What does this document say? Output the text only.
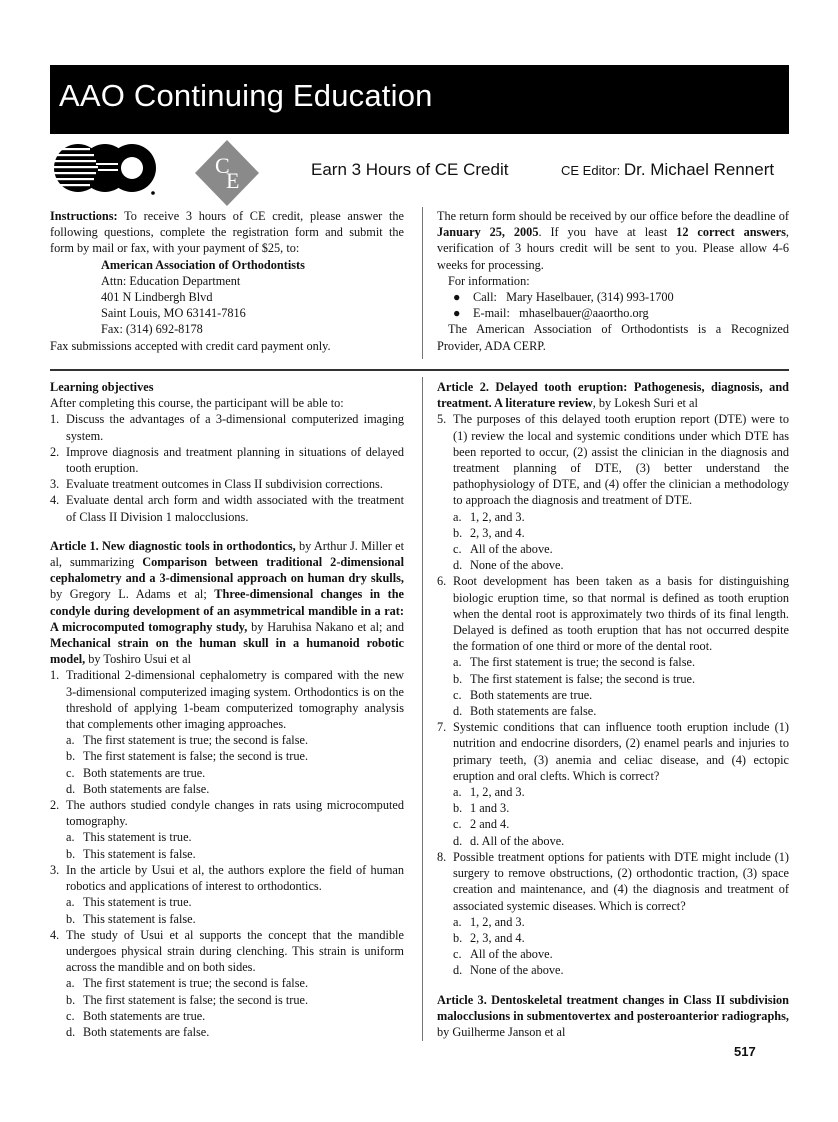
AAO Continuing Education
C
E	Earn 3 Hours of CE Credit	CE Editor: Dr. Michael Rennert

Instructions: To receive 3 hours of CE credit, please answer the following questions, complete the registration form and submit the form by mail or fax, with your payment of $25, to:

American Association of Orthodontists

Attn: Education Department

401 N Lindbergh Blvd

Saint Louis, MO 63141-7816

Fax: (314) 692-8178

Fax submissions accepted with credit card payment only.

The return form should be received by our office before the deadline of January 25, 2005. If you have at least 12 correct answers, verification of 3 hours credit will be sent to you. Please allow 4-6 weeks for processing.

For information:

● Call: Mary Haselbauer, (314) 993-1700

● E-mail: mhaselbauer@aaortho.org

The American Association of Orthodontists is a Recognized Provider, ADA CERP.

Learning objectives

After completing this course, the participant will be able to:

1. Discuss the advantages of a 3-dimensional computerized imaging system.

2. Improve diagnosis and treatment planning in situations of delayed tooth eruption.

3. Evaluate treatment outcomes in Class II subdivision corrections.

4. Evaluate dental arch form and width associated with the treatment of Class II Division 1 malocclusions.

Article 1. New diagnostic tools in orthodontics, by Arthur J. Miller et al, summarizing Comparison between traditional 2-dimensional cephalometry and a 3-dimensional approach on human dry skulls, by Gregory L. Adams et al; Three-dimensional changes in the condyle during development of an asymmetrical mandible in a rat: A microcomputed tomography study, by Haruhisa Nakano et al; and Mechanical strain on the human skull in a humanoid robotic model, by Toshiro Usui et al

1. Traditional 2-dimensional cephalometry is compared with the new 3-dimensional computerized imaging system. Orthodontics is on the threshold of applying 1-beam computerized tomography analysis that complements other imaging approaches.

a. The first statement is true; the second is false.

b. The first statement is false; the second is true.

c. Both statements are true.

d. Both statements are false.

2. The authors studied condyle changes in rats using microcomputed tomography.

a. This statement is true.

b. This statement is false.

3. In the article by Usui et al, the authors explore the field of human robotics and applications of interest to orthodontics.

a. This statement is true.

b. This statement is false.

4. The study of Usui et al supports the concept that the mandible undergoes physical strain during clenching. This strain is uniform across the mandible and on both sides.

a. The first statement is true; the second is false.

b. The first statement is false; the second is true.

c. Both statements are true.

d. Both statements are false.

Article 2. Delayed tooth eruption: Pathogenesis, diagnosis, and treatment. A literature review, by Lokesh Suri et al

5. The purposes of this delayed tooth eruption report (DTE) were to (1) review the local and systemic conditions under which DTE has been reported to occur, (2) assist the clinician in the diagnosis and treatment planning of DTE, (3) better understand the pathophysiology of DTE, and (4) offer the clinician a methodology to approach the diagnosis and treatment of DTE.

a. 1, 2, and 3.

b. 2, 3, and 4.

c. All of the above.

d. None of the above.

6. Root development has been taken as a basis for distinguishing biologic eruption time, so that normal is defined as tooth eruption when the dental root is approximately two thirds of its final length. Delayed is defined as tooth eruption that has not occurred despite the formation of one third or more of the dental root.

a. The first statement is true; the second is false.

b. The first statement is false; the second is true.

c. Both statements are true.

d. Both statements are false.

7. Systemic conditions that can influence tooth eruption include (1) nutrition and endocrine disorders, (2) enamel pearls and injuries to primary teeth, (3) anemia and celiac disease, and (4) ectopic eruption and oral clefts. Which is correct?

a. 1, 2, and 3.

b. 1 and 3.

c. 2 and 4.

d. d. All of the above.

8. Possible treatment options for patients with DTE might include (1) surgery to remove obstructions, (2) orthodontic traction, (3) space creation and maintenance, and (4) the diagnosis and treatment of associated systemic diseases. Which is correct?

a. 1, 2, and 3.

b. 2, 3, and 4.

c. All of the above.

d. None of the above.

Article 3. Dentoskeletal treatment changes in Class II subdivision malocclusions in submentovertex and posteroanterior radiographs, by Guilherme Janson et al

517
